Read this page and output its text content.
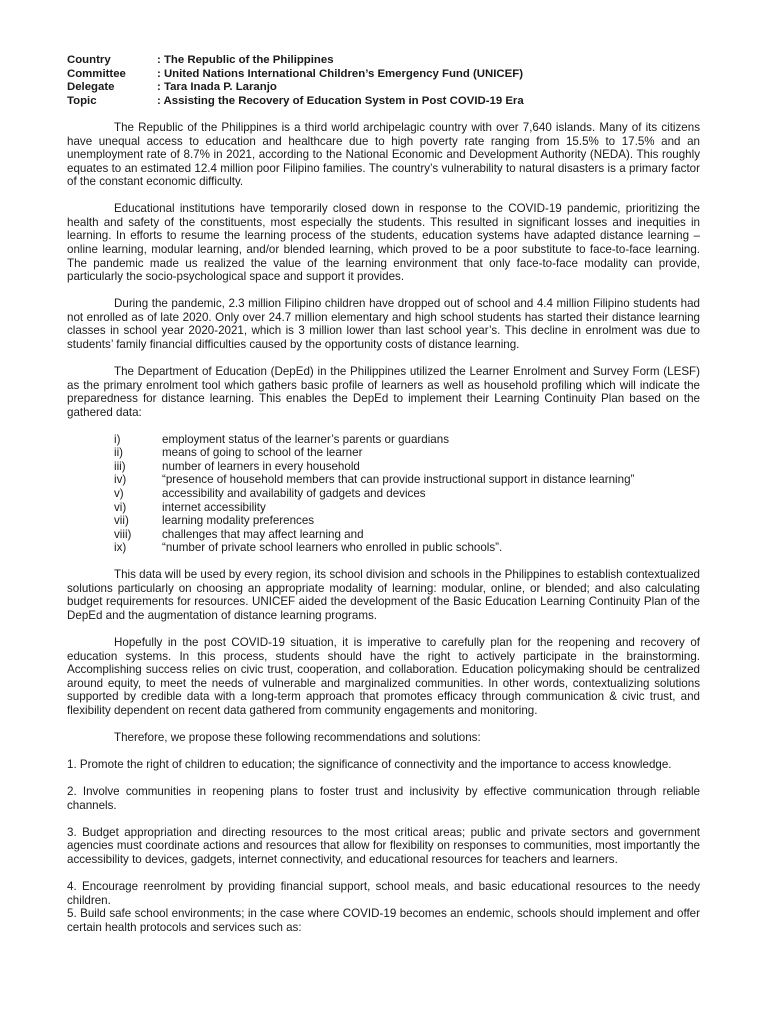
Country	: The Republic of the Philippines
Committee	: United Nations International Children’s Emergency Fund (UNICEF)
Delegate	: Tara Inada P. Laranjo
Topic	: Assisting the Recovery of Education System in Post COVID-19 Era

The Republic of the Philippines is a third world archipelagic country with over 7,640 islands. Many of its citizens have unequal access to education and healthcare due to high poverty rate ranging from 15.5% to 17.5% and an unemployment rate of 8.7% in 2021, according to the National Economic and Development Authority (NEDA). This roughly equates to an estimated 12.4 million poor Filipino families. The country’s vulnerability to natural disasters is a primary factor of the constant economic difficulty.

Educational institutions have temporarily closed down in response to the COVID-19 pandemic, prioritizing the health and safety of the constituents, most especially the students. This resulted in significant losses and inequities in learning. In efforts to resume the learning process of the students, education systems have adapted distance learning – online learning, modular learning, and/or blended learning, which proved to be a poor substitute to face-to-face learning. The pandemic made us realized the value of the learning environment that only face-to-face modality can provide, particularly the socio-psychological space and support it provides.

During the pandemic, 2.3 million Filipino children have dropped out of school and 4.4 million Filipino students had not enrolled as of late 2020. Only over 24.7 million elementary and high school students has started their distance learning classes in school year 2020-2021, which is 3 million lower than last school year’s. This decline in enrolment was due to students’ family financial difficulties caused by the opportunity costs of distance learning.

The Department of Education (DepEd) in the Philippines utilized the Learner Enrolment and Survey Form (LESF) as the primary enrolment tool which gathers basic profile of learners as well as household profiling which will indicate the preparedness for distance learning. This enables the DepEd to implement their Learning Continuity Plan based on the gathered data:

i)	employment status of the learner’s parents or guardians
ii)	means of going to school of the learner
iii)	number of learners in every household
iv)	“presence of household members that can provide instructional support in distance learning”
v)	accessibility and availability of gadgets and devices
vi)	internet accessibility
vii)	learning modality preferences
viii)	challenges that may affect learning and
ix)	“number of private school learners who enrolled in public schools”.

This data will be used by every region, its school division and schools in the Philippines to establish contextualized solutions particularly on choosing an appropriate modality of learning: modular, online, or blended; and also calculating budget requirements for resources. UNICEF aided the development of the Basic Education Learning Continuity Plan of the DepEd and the augmentation of distance learning programs.

Hopefully in the post COVID-19 situation, it is imperative to carefully plan for the reopening and recovery of education systems. In this process, students should have the right to actively participate in the brainstorming. Accomplishing success relies on civic trust, cooperation, and collaboration. Education policymaking should be centralized around equity, to meet the needs of vulnerable and marginalized communities. In other words, contextualizing solutions supported by credible data with a long-term approach that promotes efficacy through communication & civic trust, and flexibility dependent on recent data gathered from community engagements and monitoring.

Therefore, we propose these following recommendations and solutions:

1. Promote the right of children to education; the significance of connectivity and the importance to access knowledge.
2. Involve communities in reopening plans to foster trust and inclusivity by effective communication through reliable channels.
3. Budget appropriation and directing resources to the most critical areas; public and private sectors and government agencies must coordinate actions and resources that allow for flexibility on responses to communities, most importantly the accessibility to devices, gadgets, internet connectivity, and educational resources for teachers and learners.
4. Encourage reenrolment by providing financial support, school meals, and basic educational resources to the needy children.
5. Build safe school environments; in the case where COVID-19 becomes an endemic, schools should implement and offer certain health protocols and services such as:
